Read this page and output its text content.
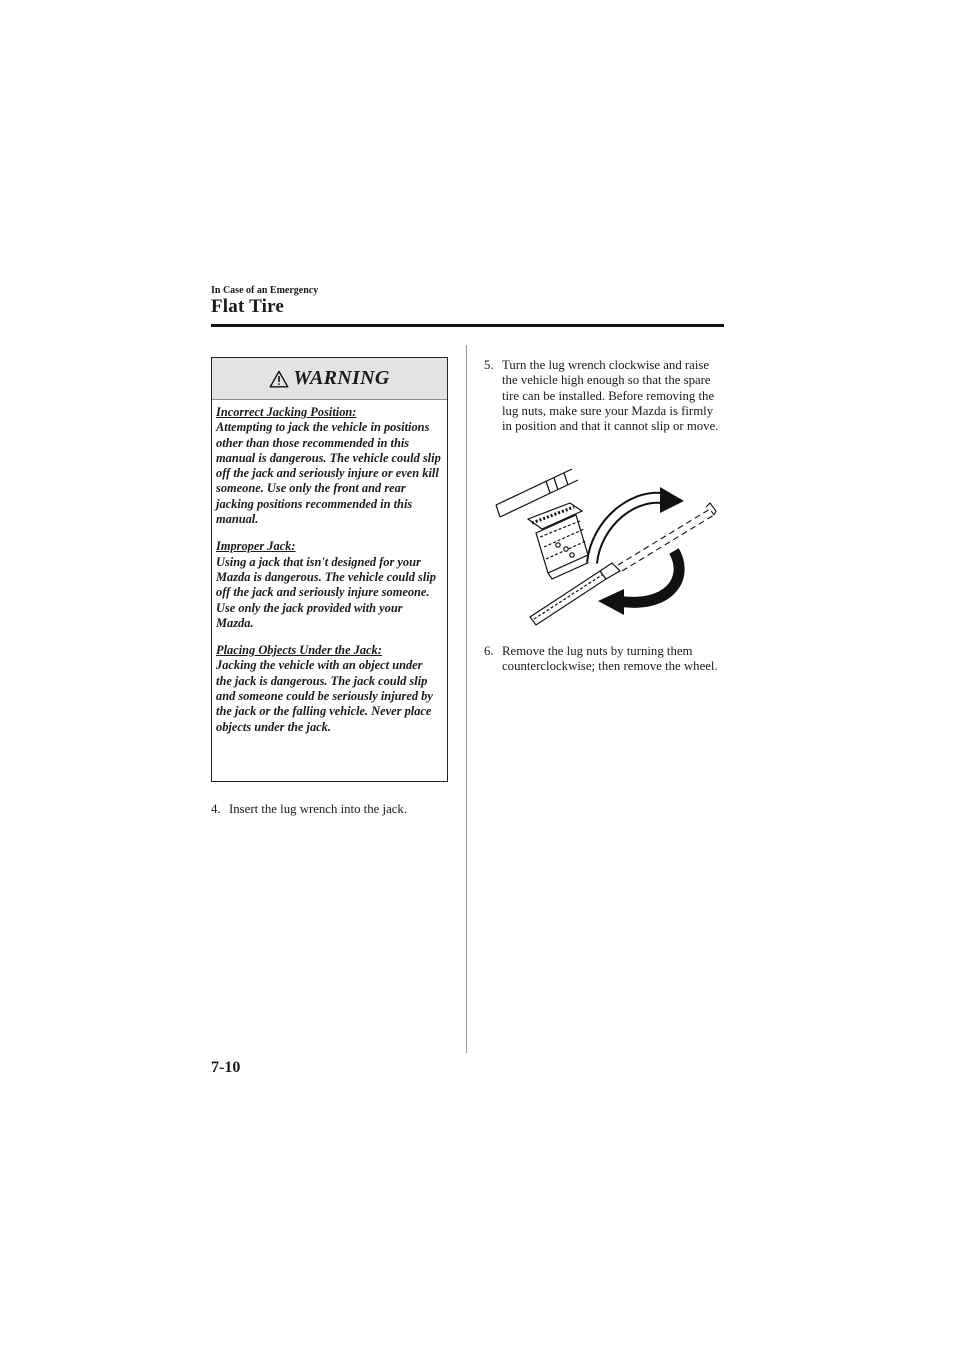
In Case of an Emergency
Flat Tire
WARNING
Incorrect Jacking Position:
Attempting to jack the vehicle in positions other than those recommended in this manual is dangerous. The vehicle could slip off the jack and seriously injure or even kill someone. Use only the front and rear jacking positions recommended in this manual.
Improper Jack:
Using a jack that isn't designed for your Mazda is dangerous. The vehicle could slip off the jack and seriously injure someone. Use only the jack provided with your Mazda.
Placing Objects Under the Jack:
Jacking the vehicle with an object under the jack is dangerous. The jack could slip and someone could be seriously injured by the jack or the falling vehicle. Never place objects under the jack.
4. Insert the lug wrench into the jack.
5. Turn the lug wrench clockwise and raise the vehicle high enough so that the spare tire can be installed. Before removing the lug nuts, make sure your Mazda is firmly in position and that it cannot slip or move.
6. Remove the lug nuts by turning them counterclockwise; then remove the wheel.
7-10
